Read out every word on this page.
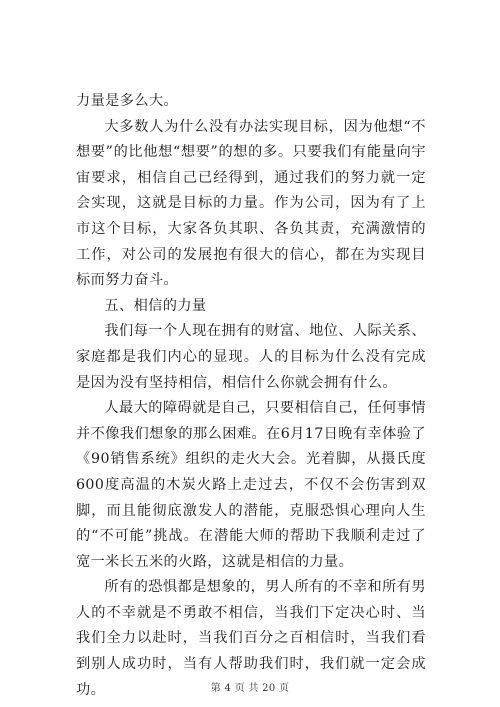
力量是多么大。

大多数人为什么没有办法实现目标，因为他想“不想要”的比他想“想要”的想的多。只要我们有能量向宇宙要求，相信自己已经得到，通过我们的努力就一定会实现，这就是目标的力量。作为公司，因为有了上市这个目标，大家各负其职、各负其责，充满激情的工作，对公司的发展抱有很大的信心，都在为实现目标而努力奋斗。

五、相信的力量

我们每一个人现在拥有的财富、地位、人际关系、家庭都是我们内心的显现。人的目标为什么没有完成是因为没有坚持相信，相信什么你就会拥有什么。

人最大的障碍就是自己，只要相信自己，任何事情并不像我们想象的那么困难。在6月17日晚有幸体验了《90销售系统》组织的走火大会。光着脚，从摄氏度600度高温的木炭火路上走过去，不仅不会伤害到双脚，而且能彻底激发人的潜能，克服恐惧心理向人生的“不可能”挑战。在潜能大师的帮助下我顺利走过了宽一米长五米的火路，这就是相信的力量。

所有的恐惧都是想象的，男人所有的不幸和所有男人的不幸就是不勇敢不相信，当我们下定决心时、当我们全力以赴时，当我们百分之百相信时，当我们看到别人成功时，当有人帮助我们时，我们就一定会成功。	第 4 页 共 20 页
